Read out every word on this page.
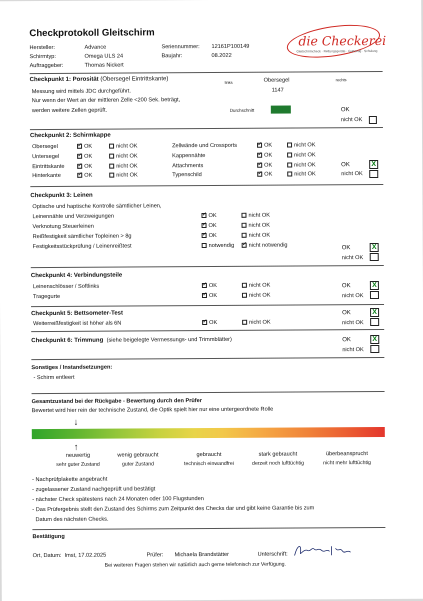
Checkprotokoll Gleitschirm	die Checkerei
Gleitschirmcheck · Rettungsgeräte · Gurtzeug · Schulung
Hersteller:	Advance
Schirmtyp:	Omega ULS 24
Auftraggeber:	Thomas Nickert
Seriennummer: 12161P100149
Baujahr:	08.2022
Checkpunkt 1: Porosität (Obersegel Eintrittskante)	links	Obersegel	rechts
Messung wird mittels JDC durchgeführt.	1147
Nur wenn der Wert an der mittleren Zelle <200 Sek. beträgt,
werden weitere Zellen geprüft.	Durchschnitt	1147	OK
nicht OK
Checkpunkt 2: Schirmkappe
Obersegel ✓	OK	nicht OK
Untersegel ✓	OK	nicht OK
Eintrittskante ✓	OK	nicht OK
Hinterkante ✓	OK	nicht OK
Zellwände und Crossports ✓	OK	nicht OK
Kappennähte ✓	OK	nicht OK
Attachments ✓	OK	nicht OK
Typenschild ✓	OK	nicht OK
OK
nicht OK
X
Checkpunkt 3: Leinen
Optische und haptische Kontrolle sämtlicher Leinen,
Leinennähte und Verzweigungen ✓	OK	nicht OK
Verknotung Steuerleinen ✓	OK	nicht OK
Reißfestigkeit sämtlicher Topleinen > 8g ✓	OK	nicht OK
Festigkeitsstückprüfung / Leinenreißtest	notwendig ✓	nicht notwendig	OK
nicht OK
X
Checkpunkt 4: Verbindungsteile
Leinenschlösser / Softlinks ✓	OK	nicht OK
Tragegurte ✓	OK	nicht OK
OK
nicht OK
X
Checkpunkt 5: Bettsometer-Test
Weiterreißfestigkeit ist höher als 6N ✓	OK	nicht OK
OK
nicht OK
X
Checkpunkt 6: Trimmung (siehe beigelegte Vermessungs- und Trimmblätter)	OK
nicht OK
X
Sonstiges / Instandsetzungen:
- Schirm entleert
Gesamtzustand bei der Rückgabe - Bewertung durch den Prüfer
Bewertet wird hier rein der technische Zustand, die Optik spielt hier nur eine untergeordnete Rolle
↓
↑
neuwertig
sehr guter Zustand
wenig gebraucht
guter Zustand
gebraucht
technisch einwandfrei
stark gebraucht
derzeit noch lufttüchtig
überbeansprucht
nicht mehr lufttüchtig
- Nachprüfplakette angebracht
- zugelassener Zustand nachgeprüft und bestätigt
- nächster Check spätestens nach 24 Monaten oder 100 Flugstunden
- Das Prüfergebnis stellt den Zustand des Schirms zum Zeitpunkt des Checks dar und gibt keine Garantie bis zum
Datum des nächsten Checks.
Bestätigung
Ort, Datum: Imst, 17.02.2025	Prüfer: Michaela Brandstätter	Unterschrift:
Bei weiteren Fragen stehen wir natürlich auch gerne telefonisch zur Verfügung.
